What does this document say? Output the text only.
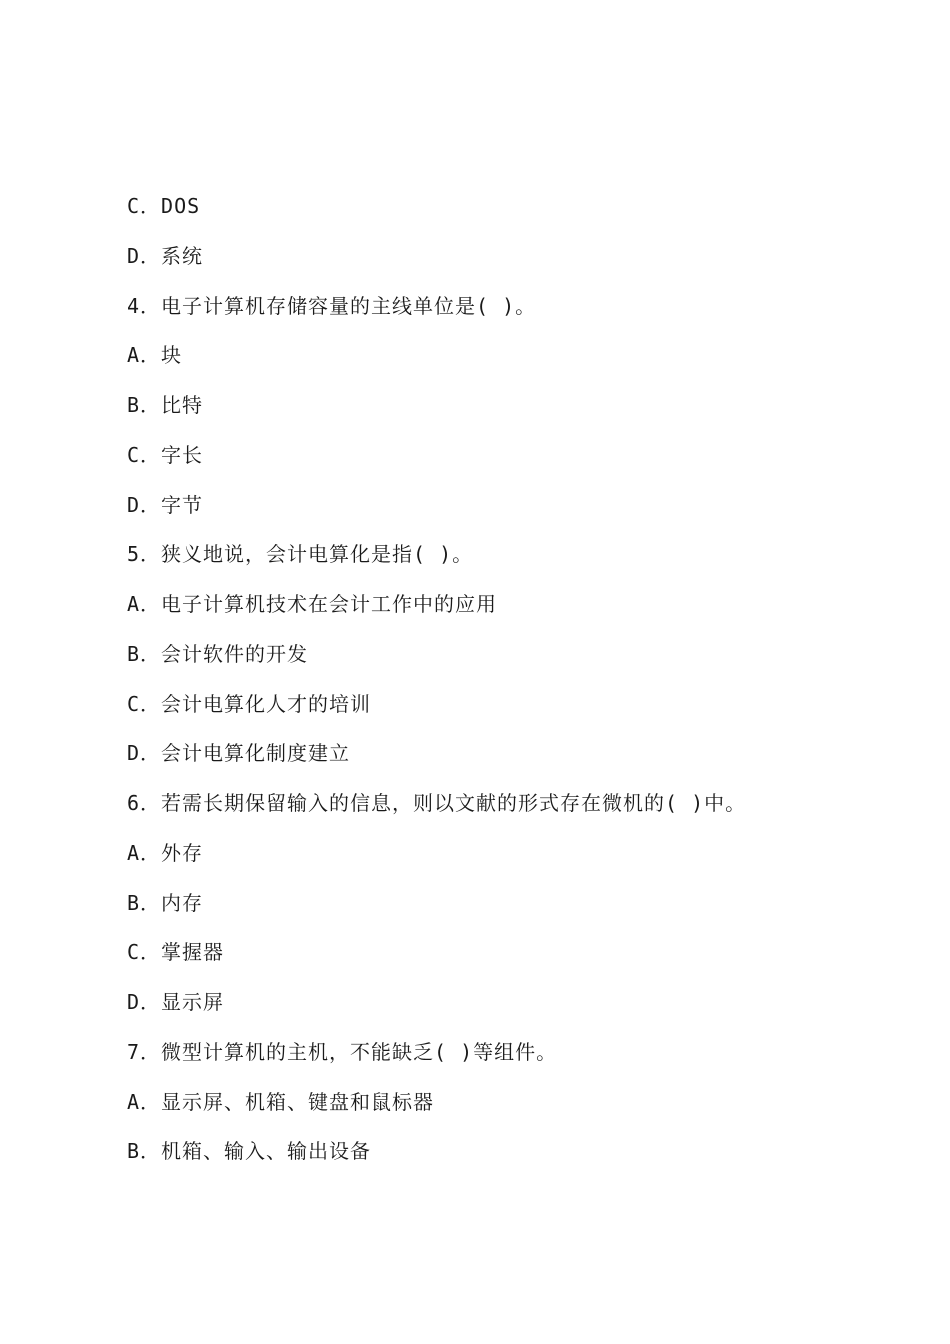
C．DOS
D．系统
4．电子计算机存储容量的主线单位是( )。
A．块
B．比特
C．字长
D．字节
5．狭义地说，会计电算化是指( )。
A．电子计算机技术在会计工作中的应用
B．会计软件的开发
C．会计电算化人才的培训
D．会计电算化制度建立
6．若需长期保留输入的信息，则以文献的形式存在微机的( )中。
A．外存
B．内存
C．掌握器
D．显示屏
7．微型计算机的主机，不能缺乏( )等组件。
A．显示屏、机箱、键盘和鼠标器
B．机箱、输入、输出设备
